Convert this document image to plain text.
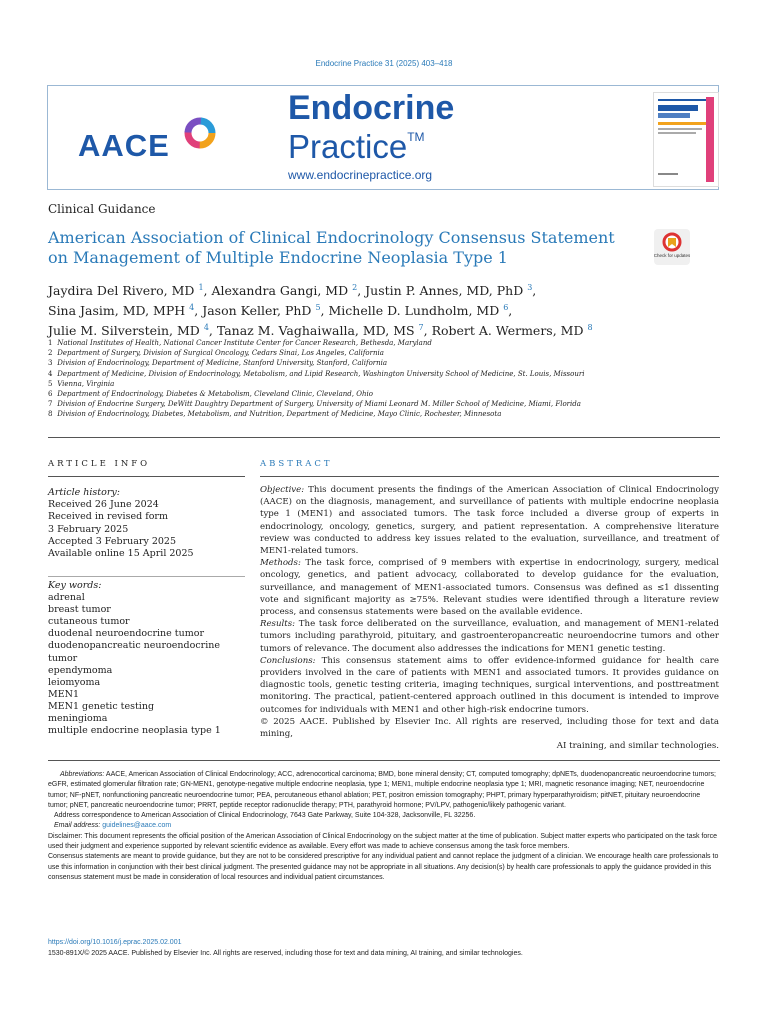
Endocrine Practice 31 (2025) 403–418
AACE
Endocrine
Practice™
www.endocrinepractice.org
Clinical Guidance
American Association of Clinical Endocrinology Consensus Statement on Management of Multiple Endocrine Neoplasia Type 1	Check for updates
Jaydira Del Rivero, MD $^1$, Alexandra Gangi, MD $^2$, Justin P. Annes, MD, PhD $^3$,
Sina Jasim, MD, MPH $^4$, Jason Keller, PhD $^5$, Michelle D. Lundholm, MD $^6$,
Julie M. Silverstein, MD $^4$, Tanaz M. Vaghaiwalla, MD, MS $^7$, Robert A. Wermers, MD $^8$
1 National Institutes of Health, National Cancer Institute Center for Cancer Research, Bethesda, Maryland
2 Department of Surgery, Division of Surgical Oncology, Cedars Sinai, Los Angeles, California
3 Division of Endocrinology, Department of Medicine, Stanford University, Stanford, California
4 Department of Medicine, Division of Endocrinology, Metabolism, and Lipid Research, Washington University School of Medicine, St. Louis, Missouri
5 Vienna, Virginia
6 Department of Endocrinology, Diabetes & Metabolism, Cleveland Clinic, Cleveland, Ohio
7 Division of Endocrine Surgery, DeWitt Daughtry Department of Surgery, University of Miami Leonard M. Miller School of Medicine, Miami, Florida
8 Division of Endocrinology, Diabetes, Metabolism, and Nutrition, Department of Medicine, Mayo Clinic, Rochester, Minnesota
ARTICLE INFO	ABSTRACT
Article history:
Received 26 June 2024
Received in revised form
3 February 2025
Accepted 3 February 2025
Available online 15 April 2025
Key words:
adrenal
breast tumor
cutaneous tumor
duodenal neuroendocrine tumor
duodenopancreatic neuroendocrine
tumor
ependymoma
leiomyoma
MEN1
MEN1 genetic testing
meningioma
multiple endocrine neoplasia type 1

Objective: This document presents the findings of the American Association of Clinical Endocrinology (AACE) on the diagnosis, management, and surveillance of patients with multiple endocrine neoplasia type 1 (MEN1) and associated tumors. The task force included a diverse group of experts in endocrinology, oncology, genetics, surgery, and patient representation. A comprehensive literature review was conducted to address key issues related to the evaluation, surveillance, and treatment of MEN1-related tumors.

Methods: The task force, comprised of 9 members with expertise in endocrinology, surgery, medical oncology, genetics, and patient advocacy, collaborated to develop guidance for the evaluation, surveillance, and management of MEN1-associated tumors. Consensus was defined as ≤1 dissenting vote and significant majority as ≥75%. Relevant studies were identified through a literature review process, and consensus statements were based on the available evidence.

Results: The task force deliberated on the surveillance, evaluation, and management of MEN1-related tumors including parathyroid, pituitary, and gastroenteropancreatic neuroendocrine tumors and other tumors of relevance. The document also addresses the indications for MEN1 genetic testing.

Conclusions: This consensus statement aims to offer evidence-informed guidance for health care providers involved in the care of patients with MEN1 and associated tumors. It provides guidance on diagnostic tools, genetic testing criteria, imaging techniques, surgical interventions, and posttreatment monitoring. The practical, patient-centered approach outlined in this document is intended to improve outcomes for individuals with MEN1 and other high-risk endocrine tumors.

© 2025 AACE. Published by Elsevier Inc. All rights are reserved, including those for text and data mining,

AI training, and similar technologies.

Abbreviations: AACE, American Association of Clinical Endocrinology; ACC, adrenocortical carcinoma; BMD, bone mineral density; CT, computed tomography; dpNETs, duodenopancreatic neuroendocrine tumors; eGFR, estimated glomerular filtration rate; GN-MEN1, genotype-negative multiple endocrine neoplasia, type 1; MEN1, multiple endocrine neoplasia type 1; MRI, magnetic resonance imaging; NET, neuroendocrine tumor; NF-pNET, nonfunctioning pancreatic neuroendocrine tumor; PEA, percutaneous ethanol ablation; PET, positron emission tomography; PHPT, primary hyperparathyroidism; pitNET, pituitary neuroendocrine tumor; pNET, pancreatic neuroendocrine tumor; PRRT, peptide receptor radionuclide therapy; PTH, parathyroid hormone; PV/LPV, pathogenic/likely pathogenic variant.

Address correspondence to American Association of Clinical Endocrinology, 7643 Gate Parkway, Suite 104-328, Jacksonville, FL 32256.

Email address: guidelines@aace.com

Disclaimer: This document represents the official position of the American Association of Clinical Endocrinology on the subject matter at the time of publication. Subject matter experts who participated on the task force used their judgment and experience supported by relevant scientific evidence as available. Every effort was made to achieve consensus among the task force members.

Consensus statements are meant to provide guidance, but they are not to be considered prescriptive for any individual patient and cannot replace the judgment of a clinician. We encourage health care professionals to use this information in conjunction with their best clinical judgment. The presented guidance may not be appropriate in all situations. Any decision(s) by health care professionals to apply the guidance provided in this consensus statement must be made in consideration of local resources and individual patient circumstances.

https://doi.org/10.1016/j.eprac.2025.02.001
1530-891X/© 2025 AACE. Published by Elsevier Inc. All rights are reserved, including those for text and data mining, AI training, and similar technologies.
